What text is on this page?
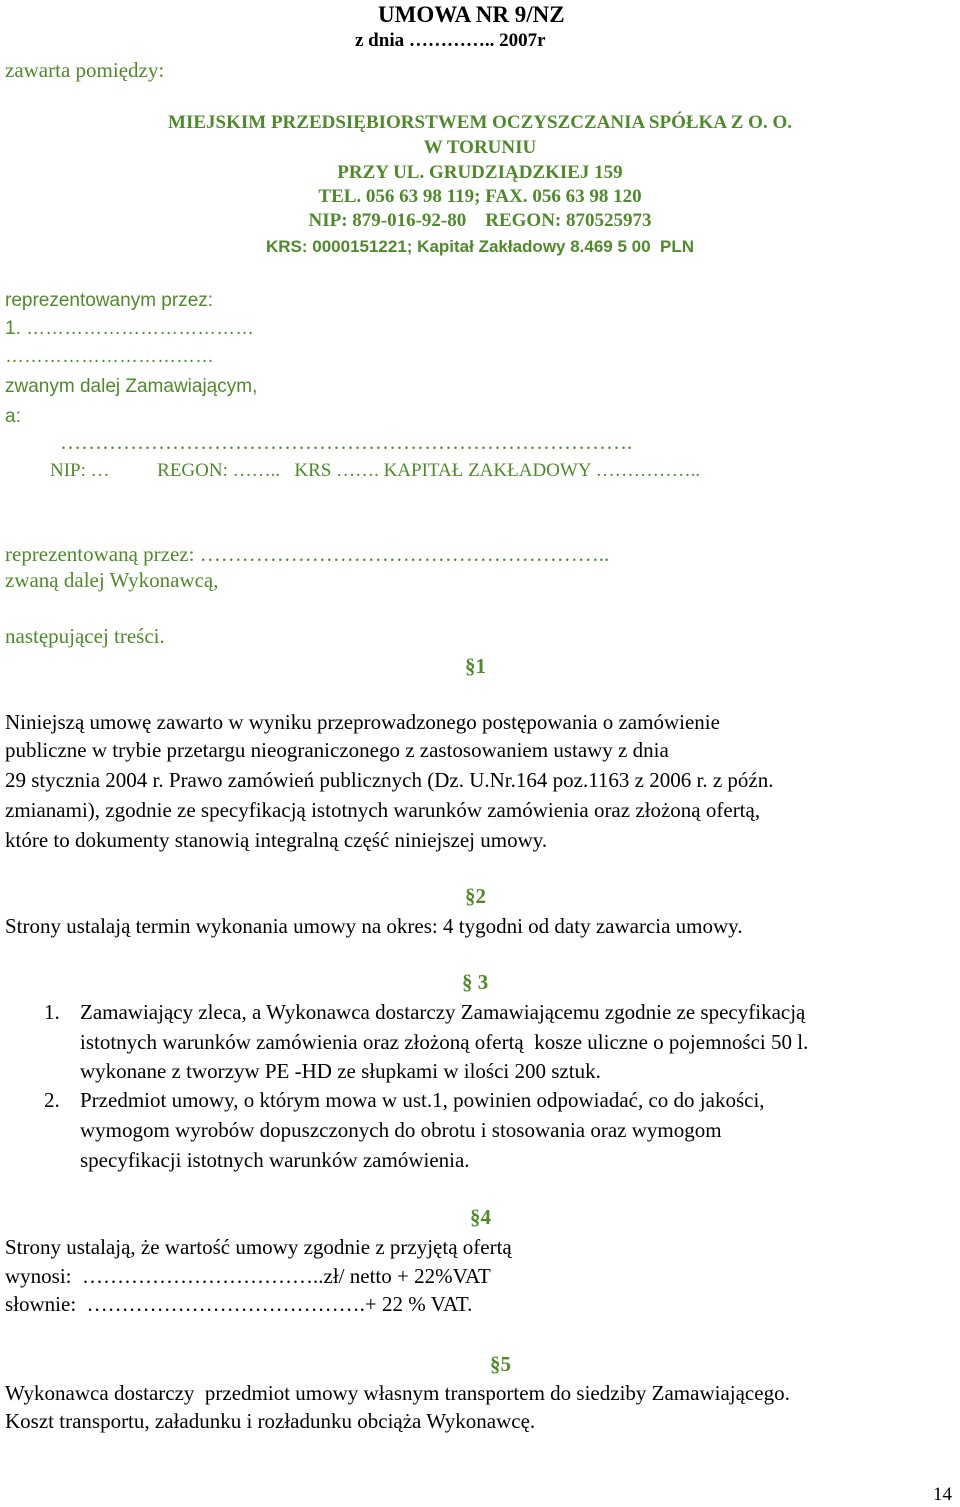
UMOWA NR 9/NZ
z dnia ………….. 2007r
zawarta pomiędzy:
MIEJSKIM PRZEDSIĘBIORSTWEM OCZYSZCZANIA SPÓŁKA Z O. O.
W TORUNIU
PRZY UL. GRUDZIĄDZKIEJ 159
TEL. 056 63 98 119; FAX. 056 63 98 120
NIP: 879-016-92-80    REGON: 870525973
KRS: 0000151221; Kapitał Zakładowy 8.469 5 00  PLN
reprezentowanym przez:
1. ………………………………
……………………………
zwanym dalej Zamawiającym,
a:
……………………………………………………………………….
NIP: …          REGON: ……..   KRS ……. KAPITAŁ ZAKŁADOWY ……………..
reprezentowaną przez: …………………………………………………..
zwaną dalej Wykonawcą,
następującej treści.
§1
Niniejszą umowę zawarto w wyniku przeprowadzonego postępowania o zamówienie
publiczne w trybie przetargu nieograniczonego z zastosowaniem ustawy z dnia
29 stycznia 2004 r. Prawo zamówień publicznych (Dz. U.Nr.164 poz.1163 z 2006 r. z późn.
zmianami), zgodnie ze specyfikacją istotnych warunków zamówienia oraz złożoną ofertą,
które to dokumenty stanowią integralną część niniejszej umowy.
§2
Strony ustalają termin wykonania umowy na okres: 4 tygodni od daty zawarcia umowy.
§ 3
1. Zamawiający zleca, a Wykonawca dostarczy Zamawiającemu zgodnie ze specyfikacją
istotnych warunków zamówienia oraz złożoną ofertą  kosze uliczne o pojemności 50 l.
wykonane z tworzyw PE -HD ze słupkami w ilości 200 sztuk.
2. Przedmiot umowy, o którym mowa w ust.1, powinien odpowiadać, co do jakości,
wymogom wyrobów dopuszczonych do obrotu i stosowania oraz wymogom
specyfikacji istotnych warunków zamówienia.
§4
Strony ustalają, że wartość umowy zgodnie z przyjętą ofertą
wynosi:  ……………………………..zł/ netto + 22%VAT
słownie:  ………………………………….+ 22 % VAT.
§5
Wykonawca dostarczy  przedmiot umowy własnym transportem do siedziby Zamawiającego.
Koszt transportu, załadunku i rozładunku obciąża Wykonawcę.
14
